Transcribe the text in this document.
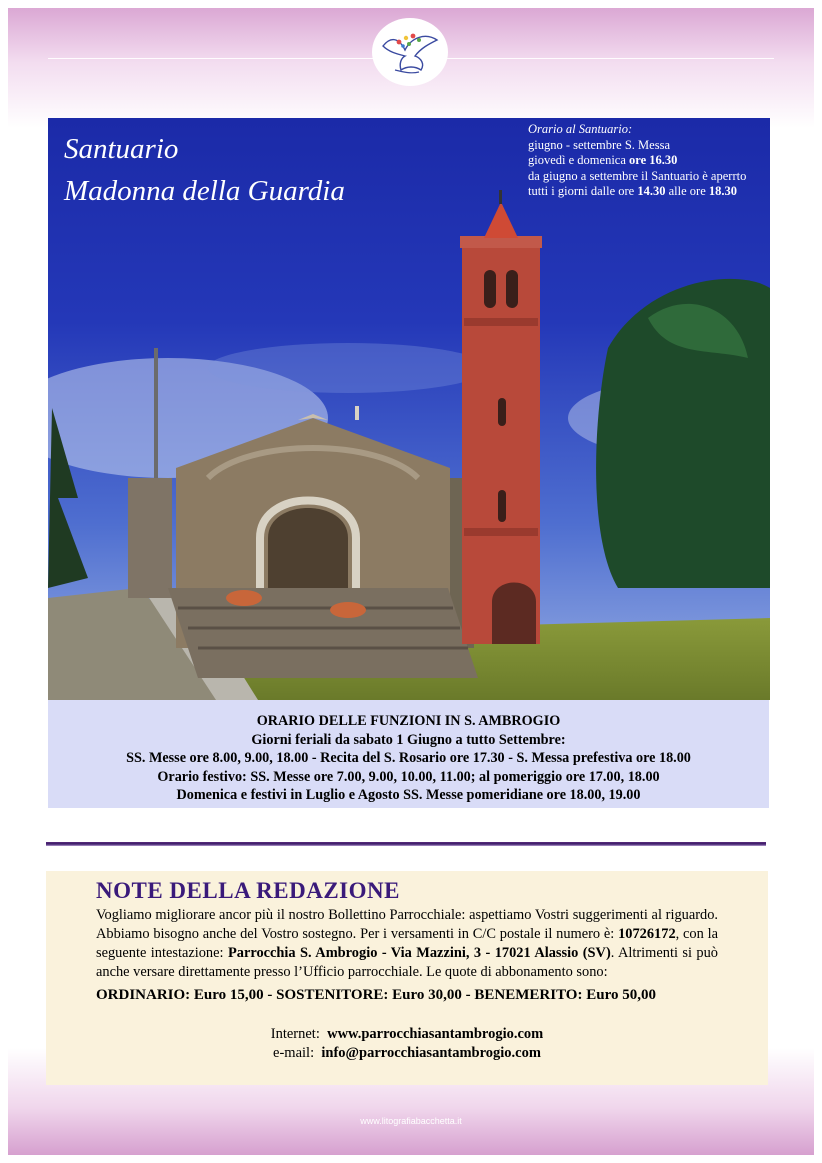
Santuario
Madonna della Guardia
Orario al Santuario:
giugno - settembre S. Messa
giovedì e domenica ore 16.30
da giugno a settembre il Santuario è aperrto
tutti i giorni dalle ore 14.30 alle ore 18.30
ORARIO DELLE FUNZIONI IN S. AMBROGIO
Giorni feriali da sabato 1 Giugno a tutto Settembre:
SS. Messe ore 8.00, 9.00, 18.00 - Recita del S. Rosario ore 17.30 - S. Messa prefestiva ore 18.00
Orario festivo: SS. Messe ore 7.00, 9.00, 10.00, 11.00; al pomeriggio ore 17.00, 18.00
Domenica e festivi in Luglio e Agosto SS. Messe pomeridiane ore 18.00, 19.00
NOTE DELLA REDAZIONE
Vogliamo migliorare ancor più il nostro Bollettino Parrocchiale: aspettiamo Vostri suggerimenti al riguardo. Abbiamo bisogno anche del Vostro sostegno. Per i versamenti in C/C postale il numero è: 10726172, con la seguente intestazione: Parrocchia S. Ambrogio - Via Mazzini, 3 - 17021 Alassio (SV). Altrimenti si può anche versare direttamente presso l’Ufficio parrocchiale. Le quote di abbonamento sono:
ORDINARIO: Euro 15,00 - SOSTENITORE: Euro 30,00 - BENEMERITO: Euro 50,00
Internet: www.parrocchiasantambrogio.com
e-mail: info@parrocchiasantambrogio.com
www.litografiabacchetta.it
